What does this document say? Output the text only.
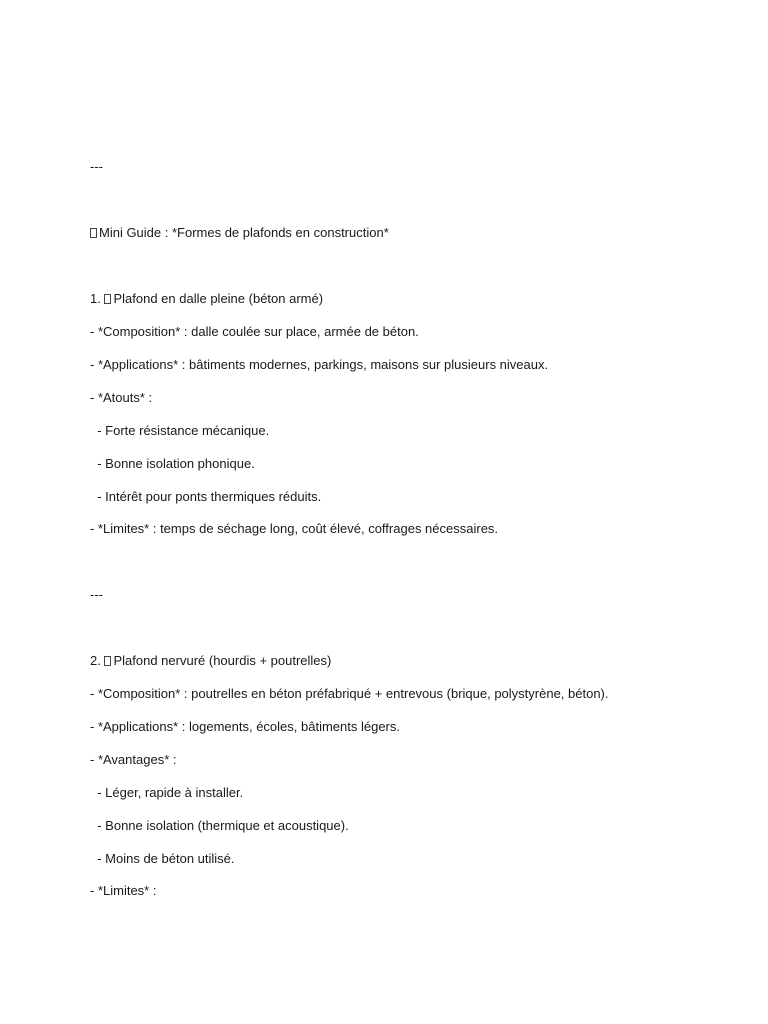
---
Mini Guide : *Formes de plafonds en construction*
1. Plafond en dalle pleine (béton armé)
- *Composition* : dalle coulée sur place, armée de béton.
- *Applications* : bâtiments modernes, parkings, maisons sur plusieurs niveaux.
- *Atouts* :
- Forte résistance mécanique.
- Bonne isolation phonique.
- Intérêt pour ponts thermiques réduits.
- *Limites* : temps de séchage long, coût élevé, coffrages nécessaires.
---
2. Plafond nervuré (hourdis + poutrelles)
- *Composition* : poutrelles en béton préfabriqué + entrevous (brique, polystyrène, béton).
- *Applications* : logements, écoles, bâtiments légers.
- *Avantages* :
- Léger, rapide à installer.
- Bonne isolation (thermique et acoustique).
- Moins de béton utilisé.
- *Limites* :
